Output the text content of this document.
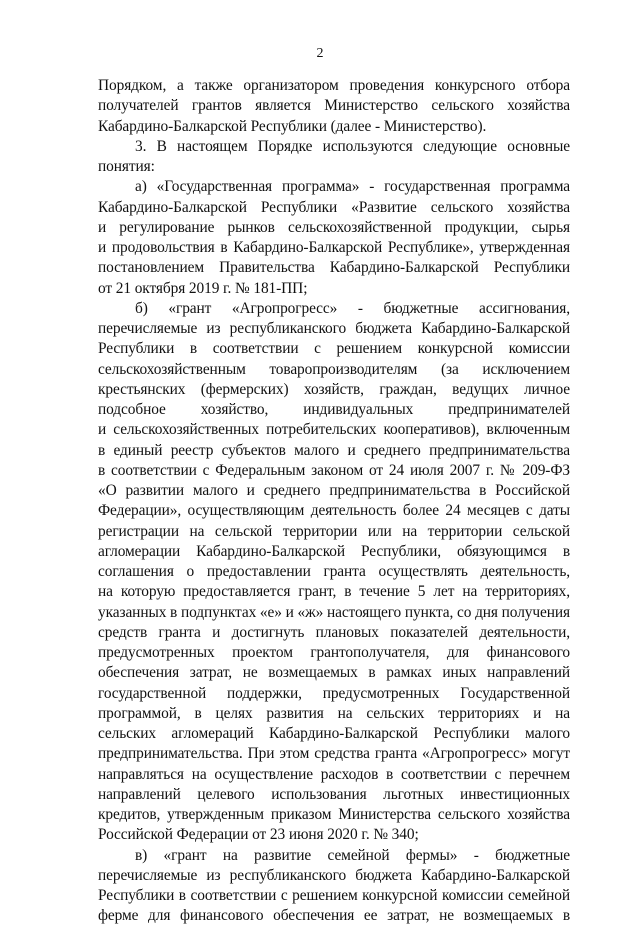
2
Порядком, а также организатором проведения конкурсного отбора
получателей грантов является Министерство сельского хозяйства
Кабардино-Балкарской Республики (далее - Министерство).
3. В настоящем Порядке используются следующие основные
понятия:
а) «Государственная программа» - государственная программа
Кабардино-Балкарской Республики «Развитие сельского хозяйства
и регулирование рынков сельскохозяйственной продукции, сырья
и продовольствия в Кабардино-Балкарской Республике», утвержденная
постановлением Правительства Кабардино-Балкарской Республики
от 21 октября 2019 г. № 181-ПП;
б) «грант «Агропрогресс» - бюджетные ассигнования,
перечисляемые из республиканского бюджета Кабардино-Балкарской
Республики в соответствии с решением конкурсной комиссии
сельскохозяйственным товаропроизводителям (за исключением
крестьянских (фермерских) хозяйств, граждан, ведущих личное
подсобное хозяйство, индивидуальных предпринимателей
и сельскохозяйственных потребительских кооперативов), включенным
в единый реестр субъектов малого и среднего предпринимательства
в соответствии с Федеральным законом от 24 июля 2007 г. № 209-ФЗ
«О развитии малого и среднего предпринимательства в Российской
Федерации», осуществляющим деятельность более 24 месяцев с даты
регистрации на сельской территории или на территории сельской
агломерации Кабардино-Балкарской Республики, обязующимся в
соглашения о предоставлении гранта осуществлять деятельность,
на которую предоставляется грант, в течение 5 лет на территориях,
указанных в подпунктах «е» и «ж» настоящего пункта, со дня получения
средств гранта и достигнуть плановых показателей деятельности,
предусмотренных проектом грантополучателя, для финансового
обеспечения затрат, не возмещаемых в рамках иных направлений
государственной поддержки, предусмотренных Государственной
программой, в целях развития на сельских территориях и на
сельских агломераций Кабардино-Балкарской Республики малого
предпринимательства. При этом средства гранта «Агропрогресс» могут
направляться на осуществление расходов в соответствии с перечнем
направлений целевого использования льготных инвестиционных
кредитов, утвержденным приказом Министерства сельского хозяйства
Российской Федерации от 23 июня 2020 г. № 340;
в) «грант на развитие семейной фермы» - бюджетные
перечисляемые из республиканского бюджета Кабардино-Балкарской
Республики в соответствии с решением конкурсной комиссии семейной
ферме для финансового обеспечения ее затрат, не возмещаемых в
